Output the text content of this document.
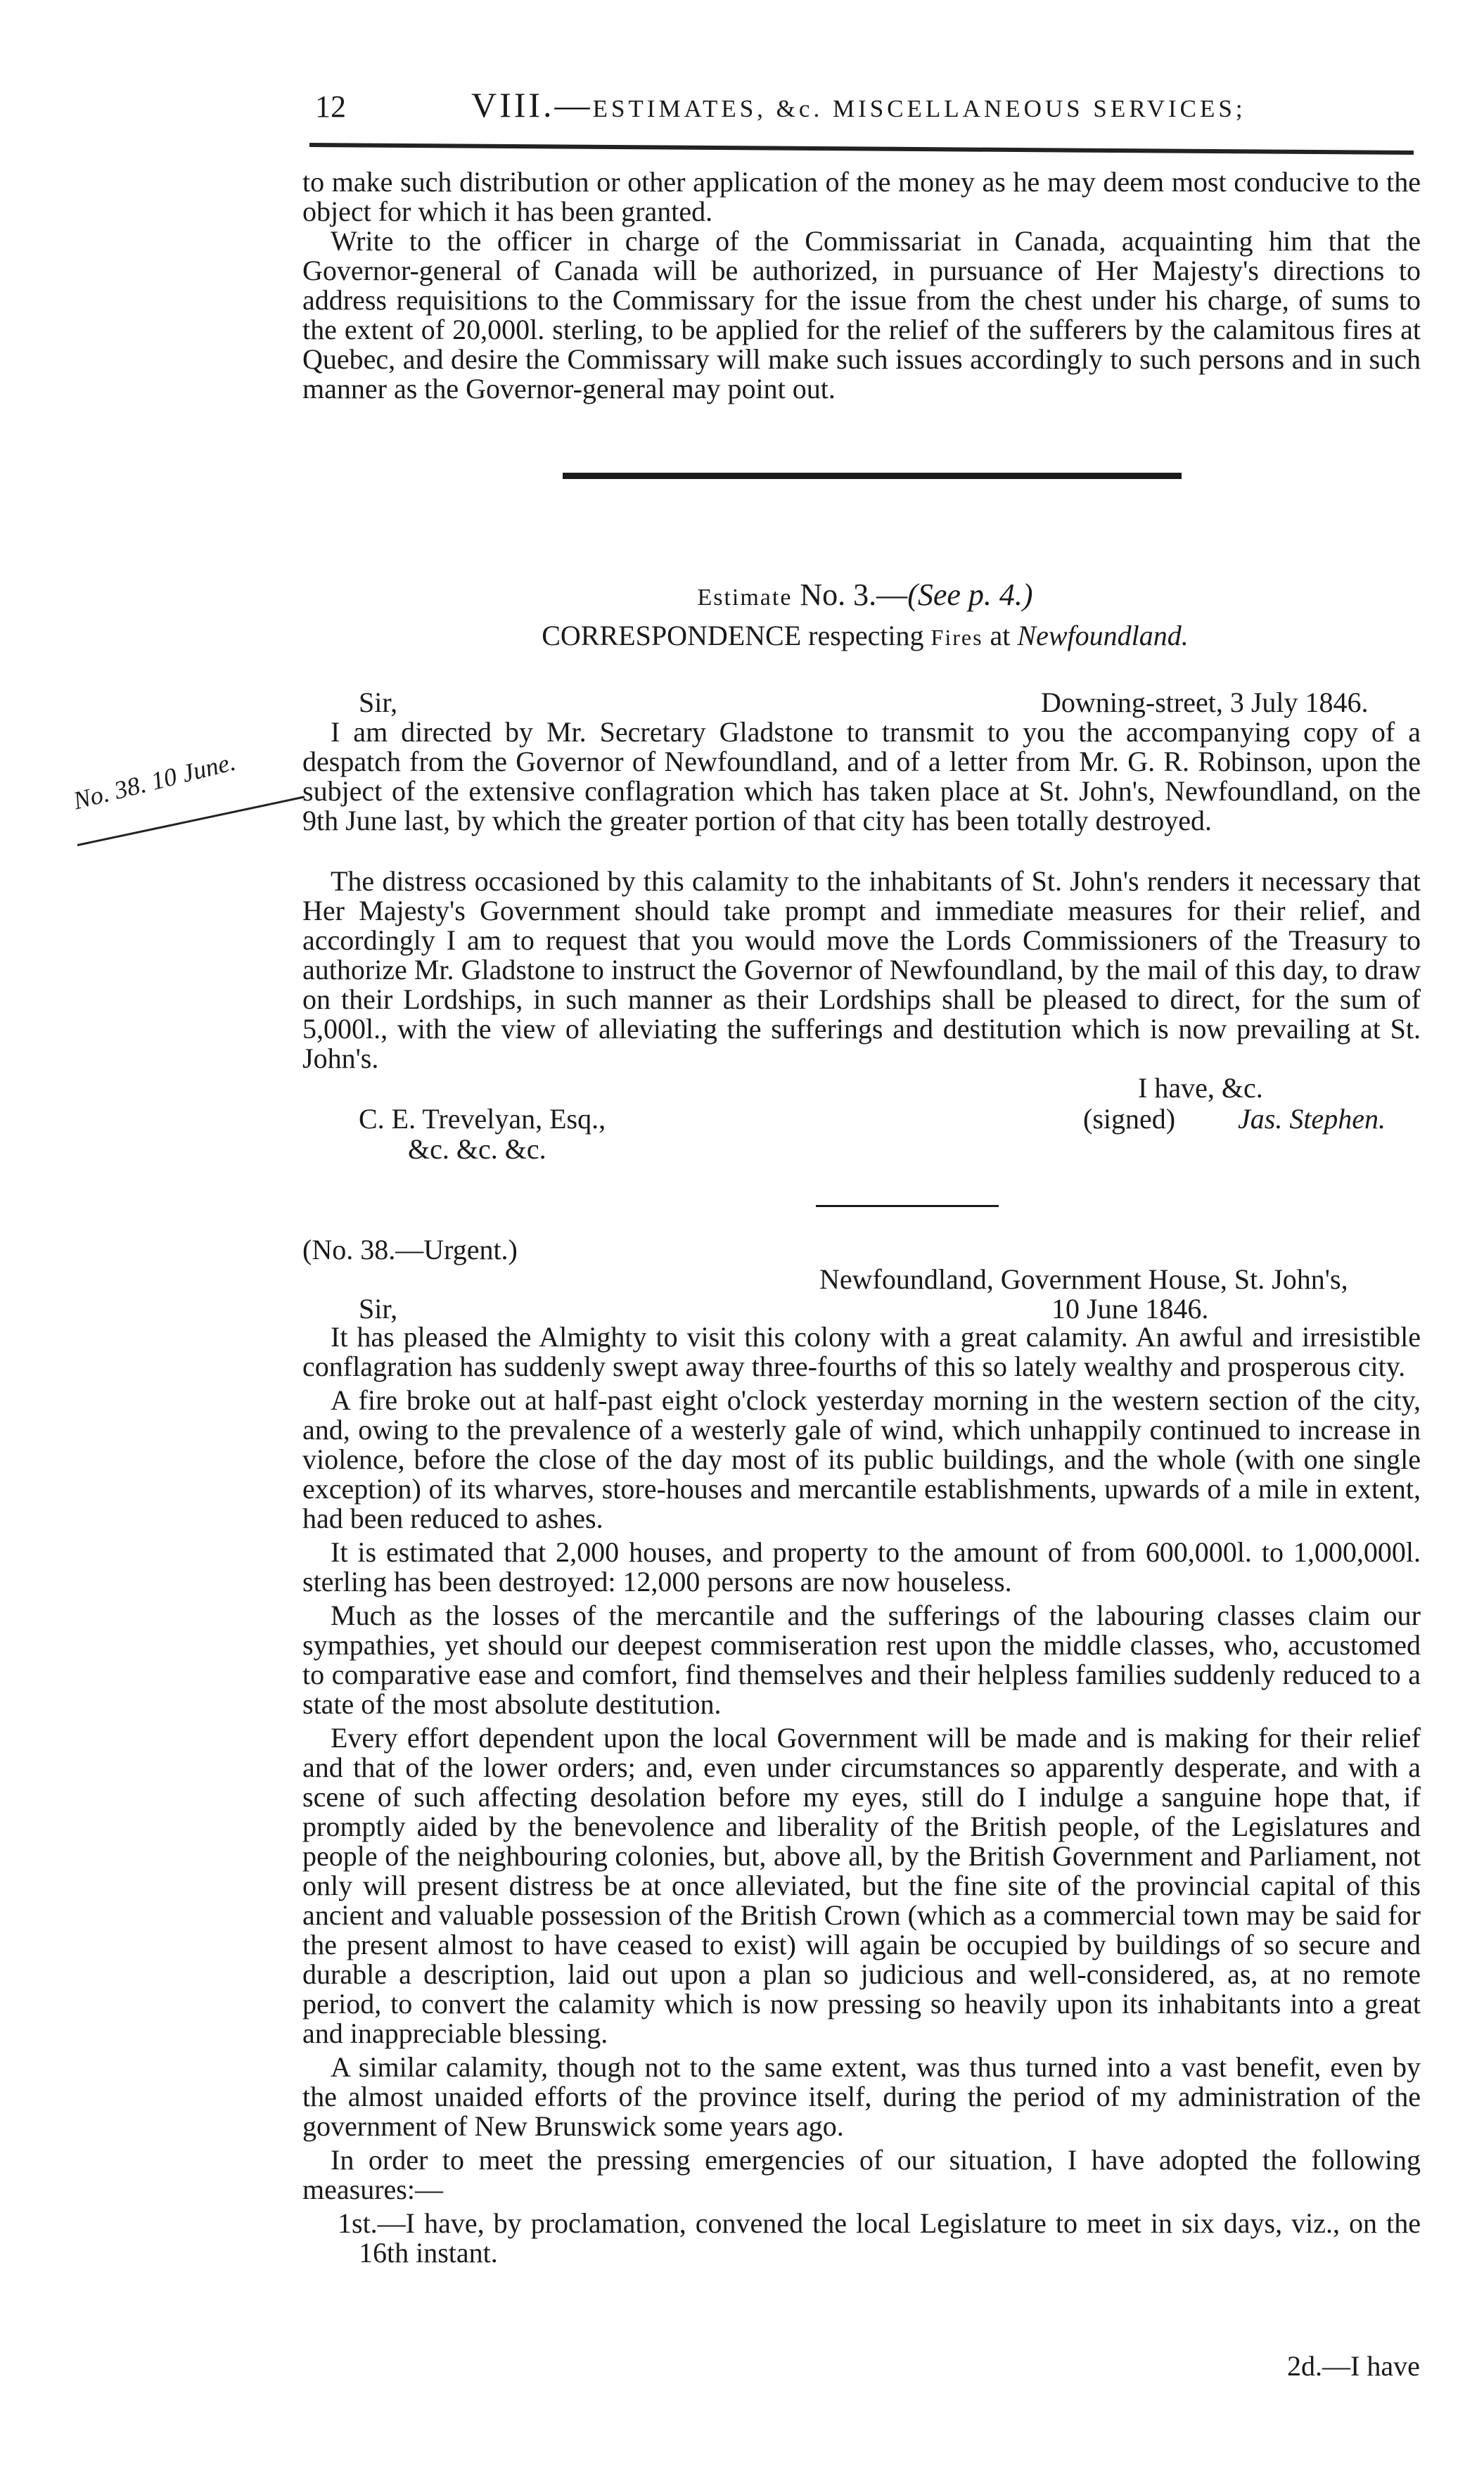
12	VIII.—ESTIMATES, &c. MISCELLANEOUS SERVICES;

to make such distribution or other application of the money as he may deem most conducive to the object for which it has been granted.

Write to the officer in charge of the Commissariat in Canada, acquainting him that the Governor-general of Canada will be authorized, in pursuance of Her Majesty's directions to address requisitions to the Commissary for the issue from the chest under his charge, of sums to the extent of 20,000l. sterling, to be applied for the relief of the sufferers by the calamitous fires at Quebec, and desire the Commissary will make such issues accordingly to such persons and in such manner as the Governor-general may point out.

Estimate No. 3.—(See p. 4.)
CORRESPONDENCE respecting Fires at Newfoundland.
No. 38. 10 June.
Sir,	Downing-street, 3 July 1846.

I am directed by Mr. Secretary Gladstone to transmit to you the accompanying copy of a despatch from the Governor of Newfoundland, and of a letter from Mr. G. R. Robinson, upon the subject of the extensive conflagration which has taken place at St. John's, Newfoundland, on the 9th June last, by which the greater portion of that city has been totally destroyed.

The distress occasioned by this calamity to the inhabitants of St. John's renders it necessary that Her Majesty's Government should take prompt and immediate measures for their relief, and accordingly I am to request that you would move the Lords Commissioners of the Treasury to authorize Mr. Gladstone to instruct the Governor of Newfoundland, by the mail of this day, to draw on their Lordships, in such manner as their Lordships shall be pleased to direct, for the sum of 5,000l., with the view of alleviating the sufferings and destitution which is now prevailing at St. John's.

I have, &c.
(signed) Jas. Stephen.
C. E. Trevelyan, Esq.,
&c. &c. &c.
(No. 38.—Urgent.)
Newfoundland, Government House, St. John's,
Sir,	10 June 1846.

It has pleased the Almighty to visit this colony with a great calamity. An awful and irresistible conflagration has suddenly swept away three-fourths of this so lately wealthy and prosperous city.

A fire broke out at half-past eight o'clock yesterday morning in the western section of the city, and, owing to the prevalence of a westerly gale of wind, which unhappily continued to increase in violence, before the close of the day most of its public buildings, and the whole (with one single exception) of its wharves, store-houses and mercantile establishments, upwards of a mile in extent, had been reduced to ashes.

It is estimated that 2,000 houses, and property to the amount of from 600,000l. to 1,000,000l. sterling has been destroyed: 12,000 persons are now houseless.

Much as the losses of the mercantile and the sufferings of the labouring classes claim our sympathies, yet should our deepest commiseration rest upon the middle classes, who, accustomed to comparative ease and comfort, find themselves and their helpless families suddenly reduced to a state of the most absolute destitution.

Every effort dependent upon the local Government will be made and is making for their relief and that of the lower orders; and, even under circumstances so apparently desperate, and with a scene of such affecting desolation before my eyes, still do I indulge a sanguine hope that, if promptly aided by the benevolence and liberality of the British people, of the Legislatures and people of the neighbouring colonies, but, above all, by the British Government and Parliament, not only will present distress be at once alleviated, but the fine site of the provincial capital of this ancient and valuable possession of the British Crown (which as a commercial town may be said for the present almost to have ceased to exist) will again be occupied by buildings of so secure and durable a description, laid out upon a plan so judicious and well-considered, as, at no remote period, to convert the calamity which is now pressing so heavily upon its inhabitants into a great and inappreciable blessing.

A similar calamity, though not to the same extent, was thus turned into a vast benefit, even by the almost unaided efforts of the province itself, during the period of my administration of the government of New Brunswick some years ago.

In order to meet the pressing emergencies of our situation, I have adopted the following measures:—

1st.—I have, by proclamation, convened the local Legislature to meet in six days, viz., on the 16th instant.

2d.—I have
